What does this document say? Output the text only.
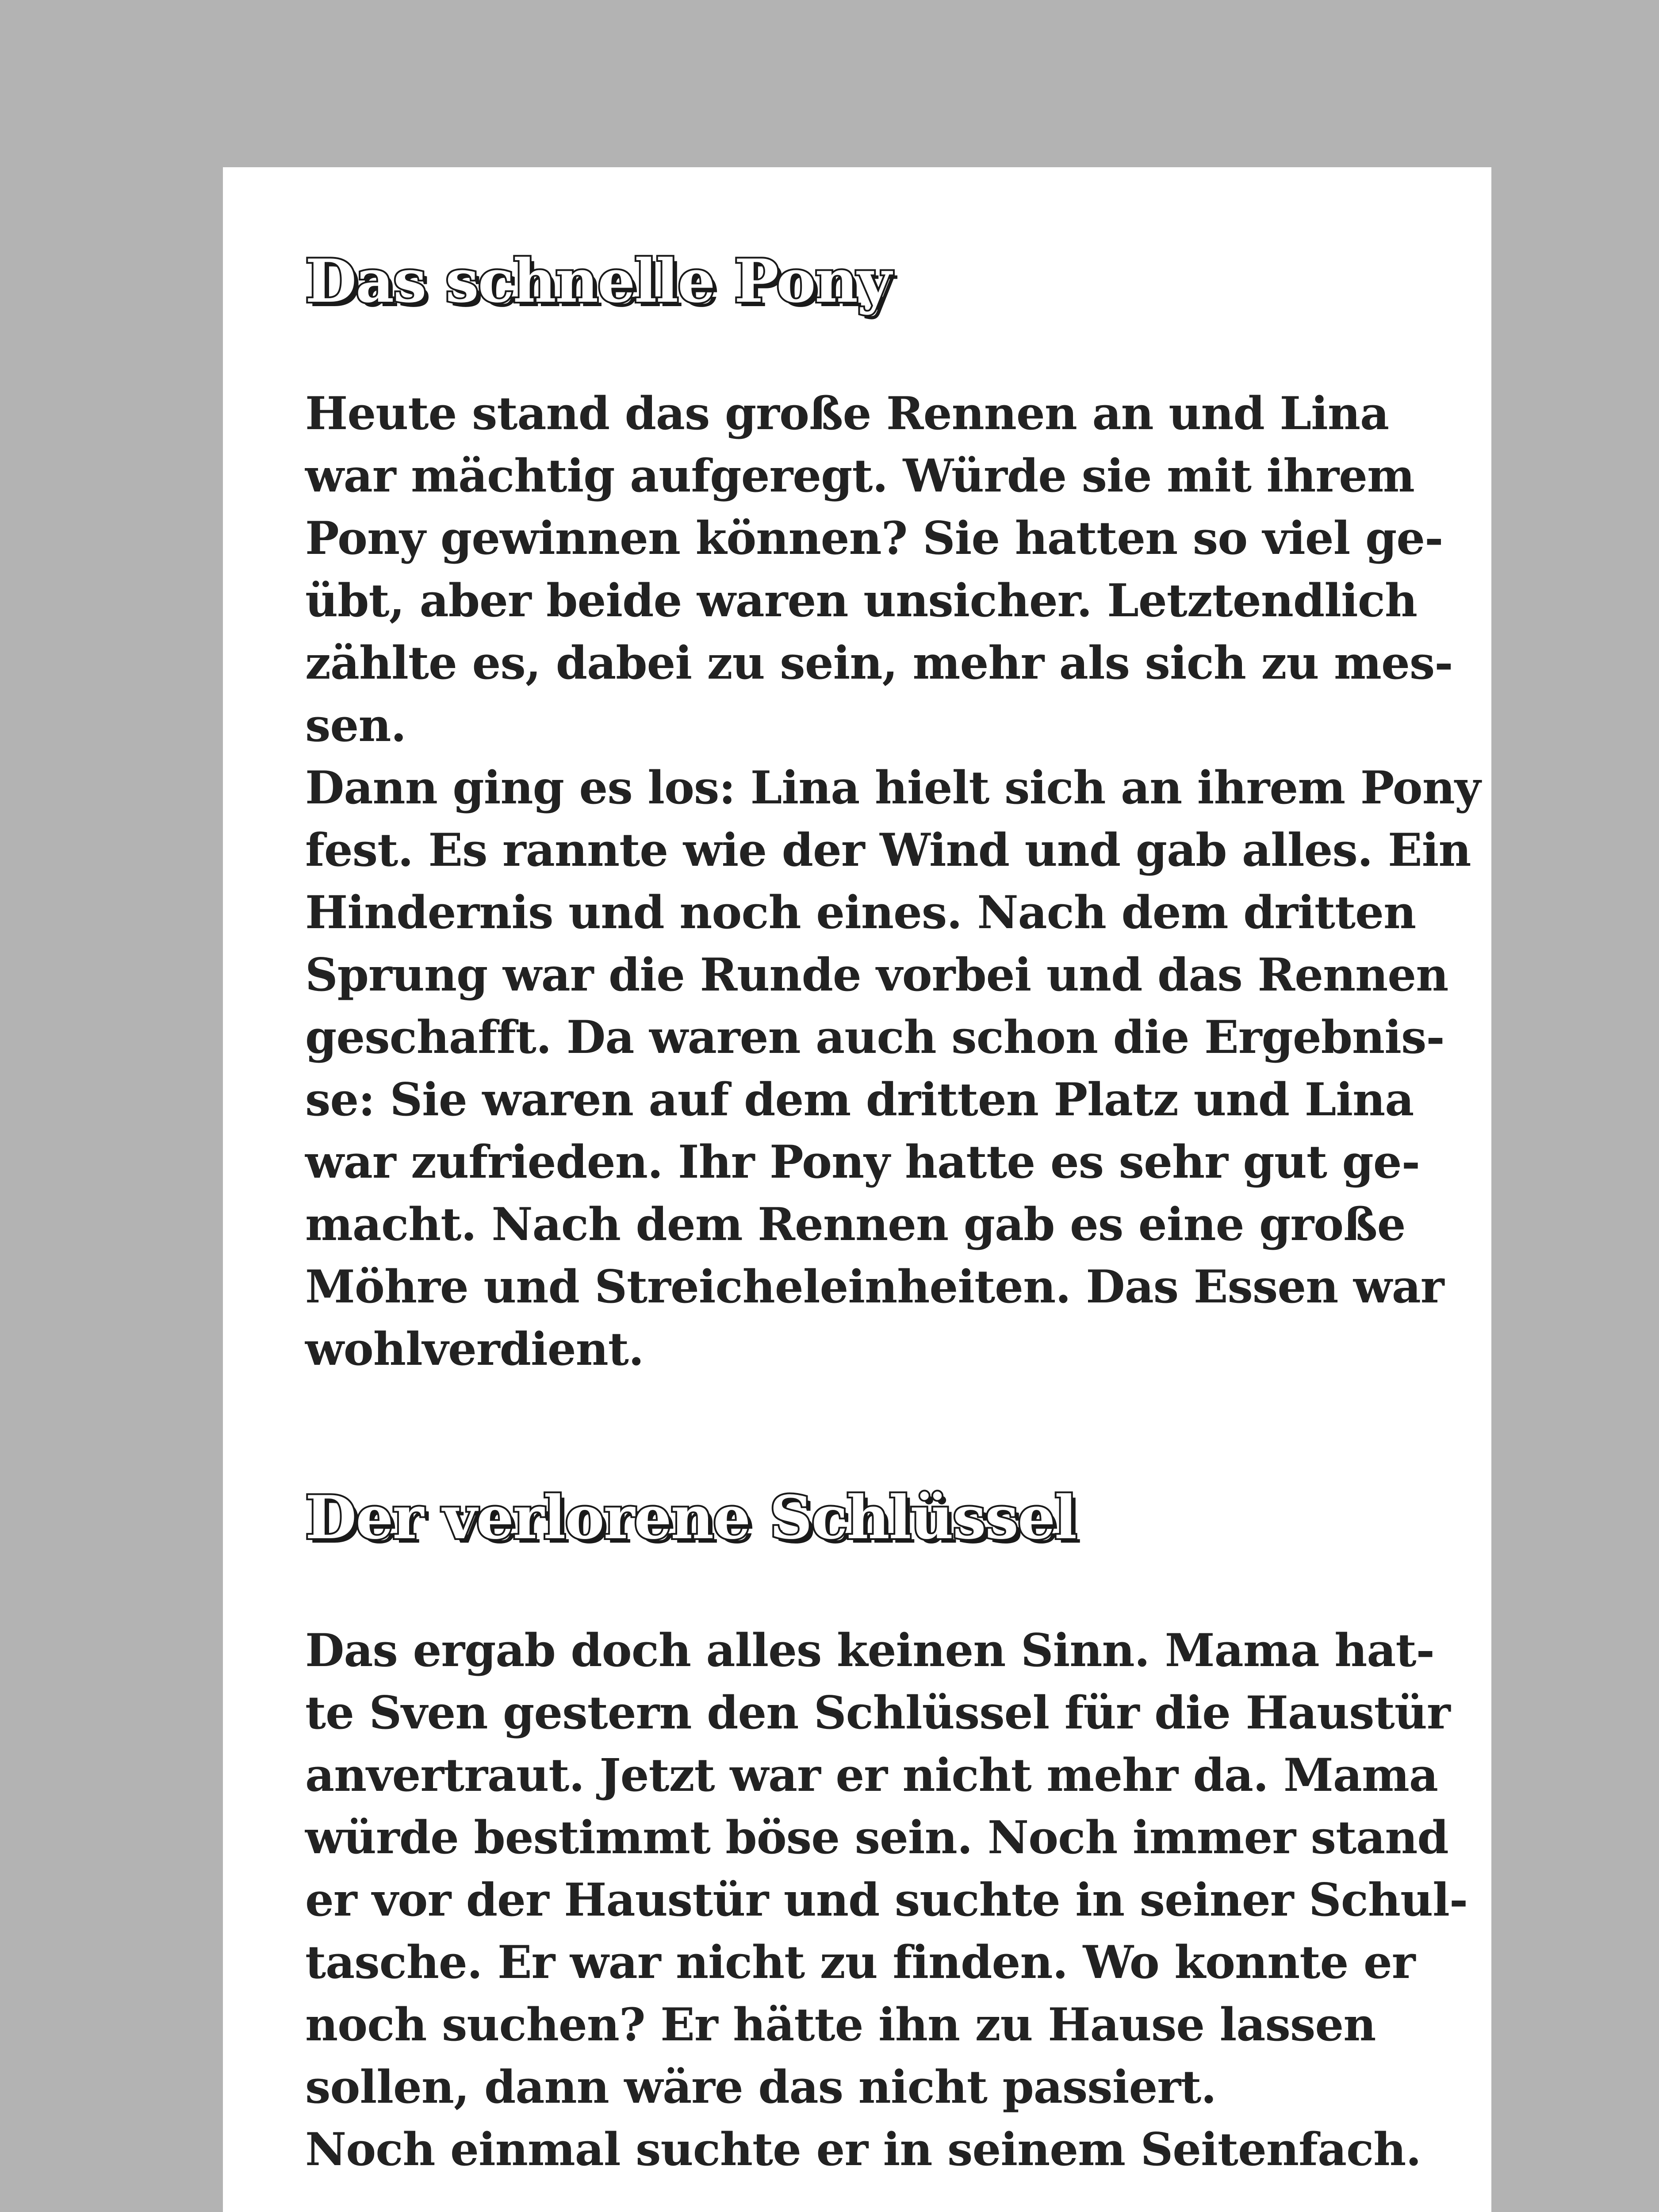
Das schnelle Pony
Heute stand das große Rennen an und Lina
war mächtig aufgeregt. Würde sie mit ihrem
Pony gewinnen können? Sie hatten so viel ge-
übt, aber beide waren unsicher. Letztendlich
zählte es, dabei zu sein, mehr als sich zu mes-
sen.
Dann ging es los: Lina hielt sich an ihrem Pony
fest. Es rannte wie der Wind und gab alles. Ein
Hindernis und noch eines. Nach dem dritten
Sprung war die Runde vorbei und das Rennen
geschafft. Da waren auch schon die Ergebnis-
se: Sie waren auf dem dritten Platz und Lina
war zufrieden. Ihr Pony hatte es sehr gut ge-
macht. Nach dem Rennen gab es eine große
Möhre und Streicheleinheiten. Das Essen war
wohlverdient.
Der verlorene Schlüssel
Das ergab doch alles keinen Sinn. Mama hat-
te Sven gestern den Schlüssel für die Haustür
anvertraut. Jetzt war er nicht mehr da. Mama
würde bestimmt böse sein. Noch immer stand
er vor der Haustür und suchte in seiner Schul-
tasche. Er war nicht zu finden. Wo konnte er
noch suchen? Er hätte ihn zu Hause lassen
sollen, dann wäre das nicht passiert.
Noch einmal suchte er in seinem Seitenfach.
